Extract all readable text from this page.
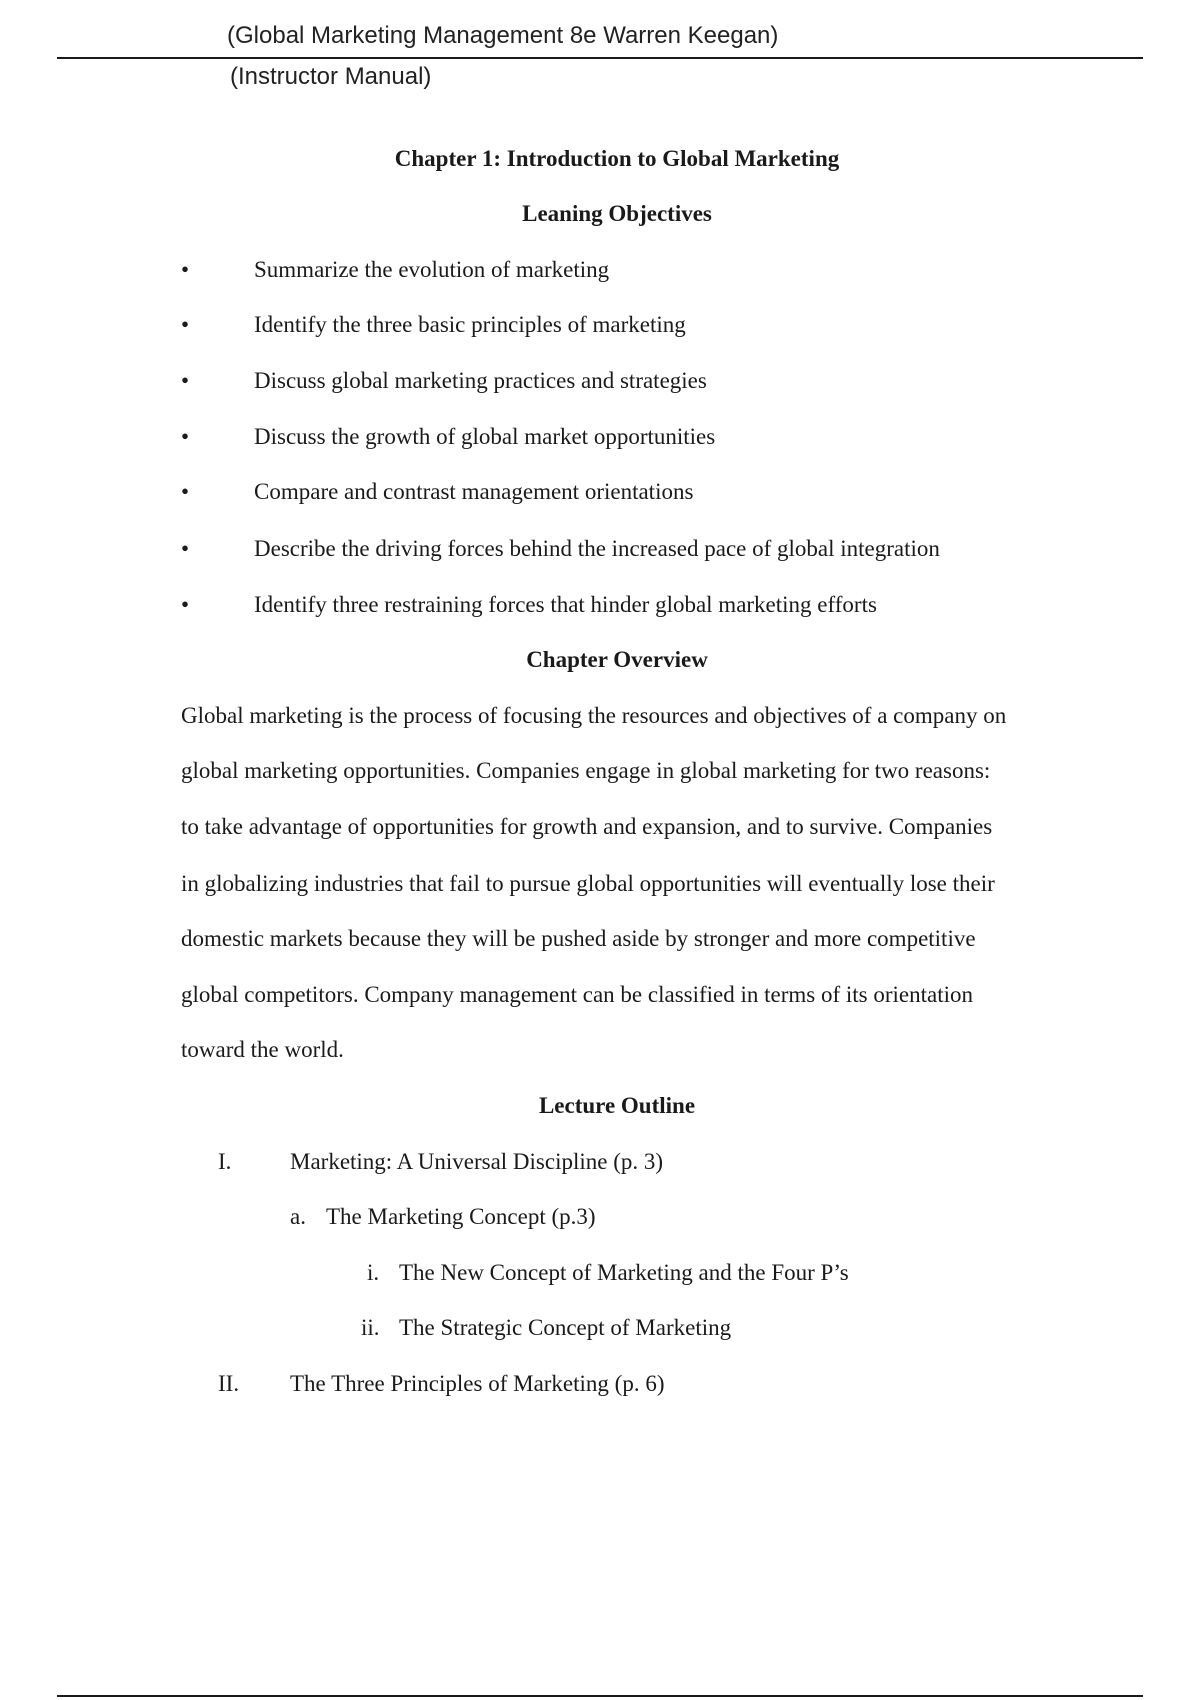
(Global Marketing Management 8e Warren Keegan)
(Instructor Manual)
Chapter 1: Introduction to Global Marketing
Leaning Objectives
•	Summarize the evolution of marketing
•	Identify the three basic principles of marketing
•	Discuss global marketing practices and strategies
•	Discuss the growth of global market opportunities
•	Compare and contrast management orientations
•	Describe the driving forces behind the increased pace of global integration
•	Identify three restraining forces that hinder global marketing efforts
Chapter Overview
Global marketing is the process of focusing the resources and objectives of a company on
global marketing opportunities. Companies engage in global marketing for two reasons:
to take advantage of opportunities for growth and expansion, and to survive. Companies
in globalizing industries that fail to pursue global opportunities will eventually lose their
domestic markets because they will be pushed aside by stronger and more competitive
global competitors. Company management can be classified in terms of its orientation
toward the world.
Lecture Outline
I.	Marketing: A Universal Discipline (p. 3)
a. The Marketing Concept (p.3)
i. The New Concept of Marketing and the Four P’s
ii. The Strategic Concept of Marketing
II. The Three Principles of Marketing (p. 6)
